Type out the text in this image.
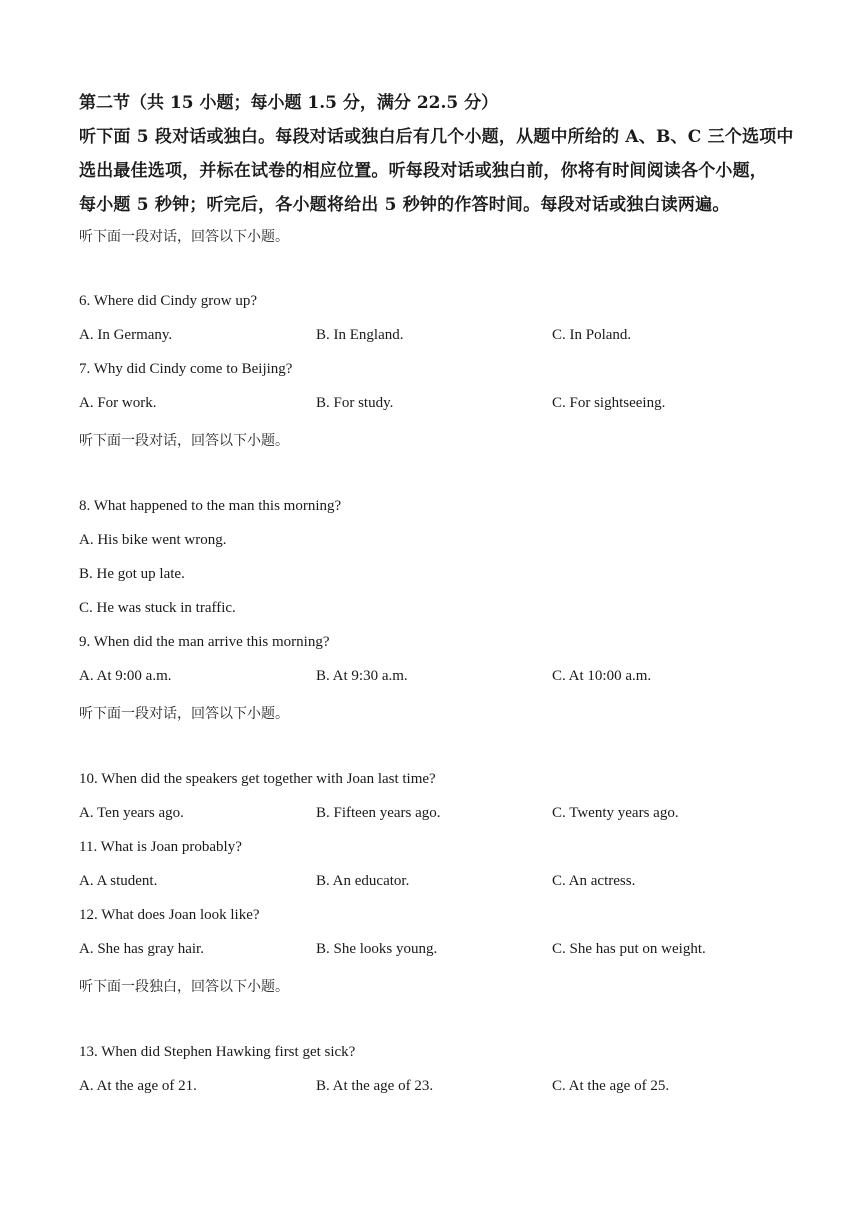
第二节（共 15 小题；每小题 1.5 分，满分 22.5 分）
听下面 5 段对话或独白。每段对话或独白后有几个小题，从题中所给的 A、B、C 三个选项中
选出最佳选项，并标在试卷的相应位置。听每段对话或独白前，你将有时间阅读各个小题，
每小题 5 秒钟；听完后，各小题将给出 5 秒钟的作答时间。每段对话或独白读两遍。
听下面一段对话，回答以下小题。
6. Where did Cindy grow up?
A. In Germany.	B. In England.	C. In Poland.
7. Why did Cindy come to Beijing?
A. For work.	B. For study.	C. For sightseeing.
听下面一段对话，回答以下小题。
8. What happened to the man this morning?
A. His bike went wrong.
B. He got up late.
C. He was stuck in traffic.
9. When did the man arrive this morning?
A. At 9:00 a.m.	B. At 9:30 a.m.	C. At 10:00 a.m.
听下面一段对话，回答以下小题。
10. When did the speakers get together with Joan last time?
A. Ten years ago.	B. Fifteen years ago.	C. Twenty years ago.
11. What is Joan probably?
A. A student.	B. An educator.	C. An actress.
12. What does Joan look like?
A. She has gray hair.	B. She looks young.	C. She has put on weight.
听下面一段独白，回答以下小题。
13. When did Stephen Hawking first get sick?
A. At the age of 21.	B. At the age of 23.	C. At the age of 25.
